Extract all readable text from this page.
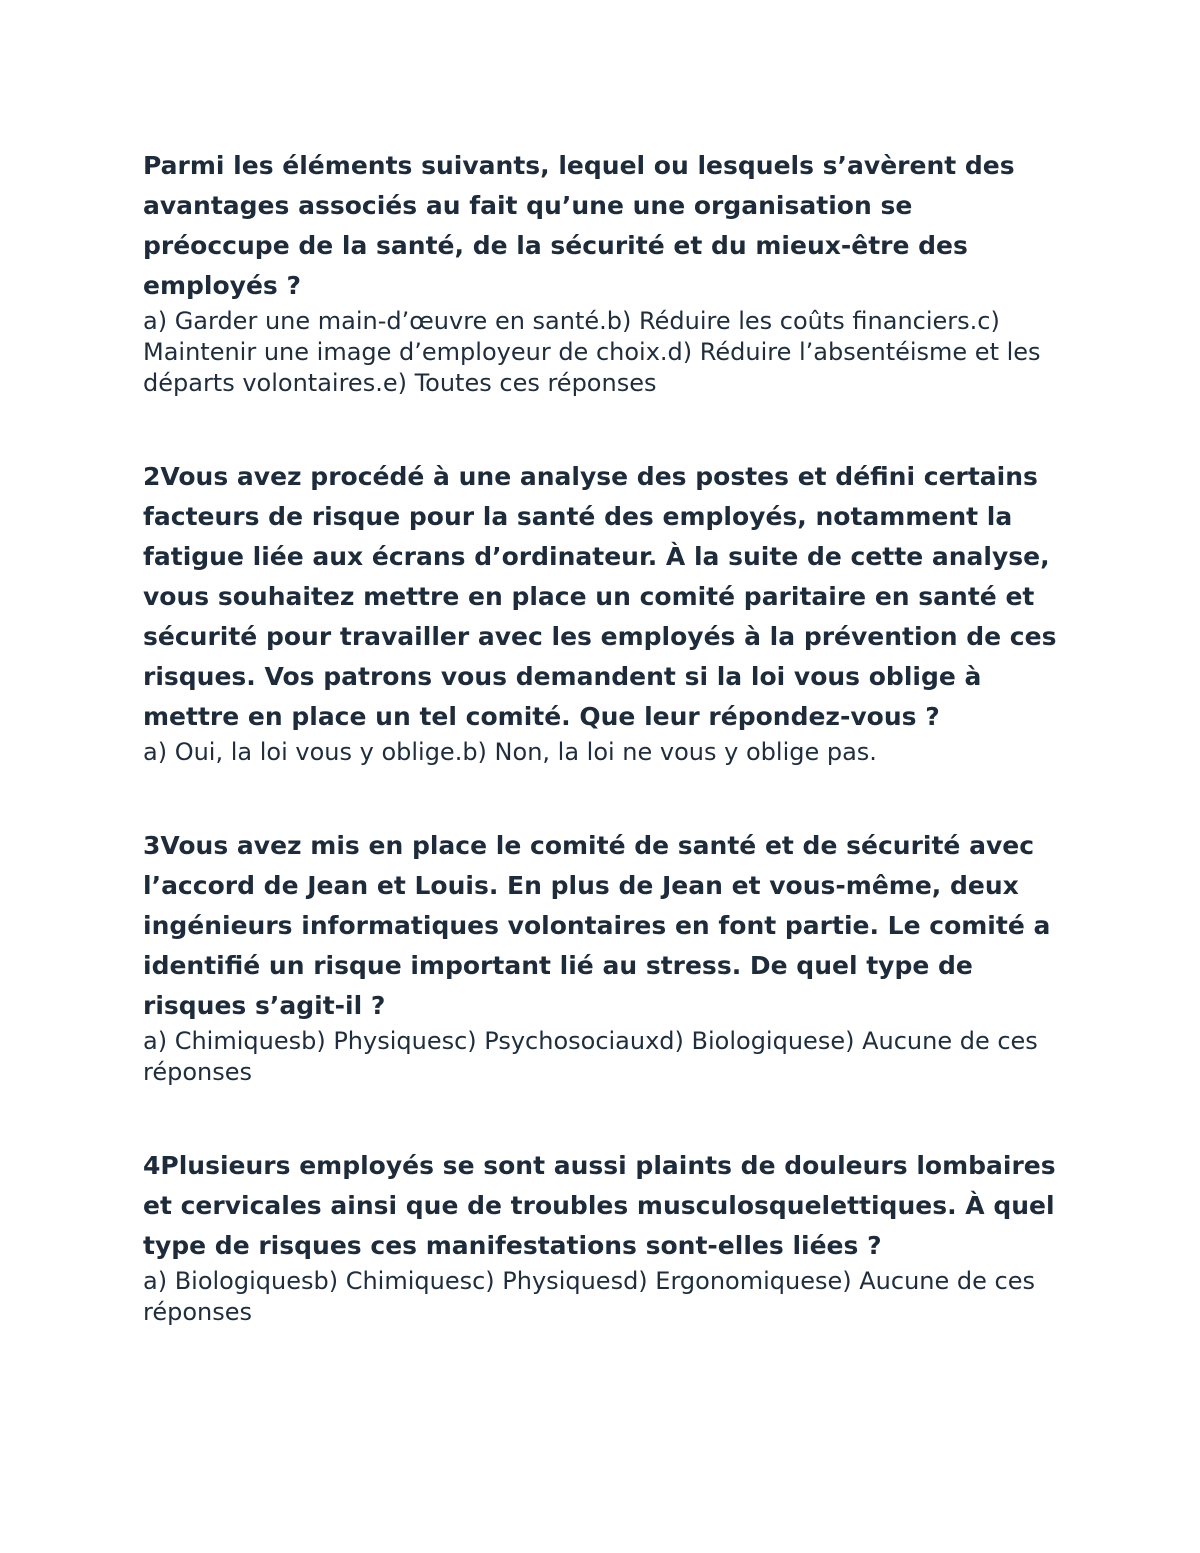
Parmi les éléments suivants, lequel ou lesquels s’avèrent des avantages associés au fait qu’une une organisation se préoccupe de la santé, de la sécurité et du mieux-être des employés ?

a) Garder une main-d’œuvre en santé.b) Réduire les coûts financiers.c) Maintenir une image d’employeur de choix.d) Réduire l’absentéisme et les départs volontaires.e) Toutes ces réponses

2Vous avez procédé à une analyse des postes et défini certains facteurs de risque pour la santé des employés, notamment la fatigue liée aux écrans d’ordinateur. À la suite de cette analyse, vous souhaitez mettre en place un comité paritaire en santé et sécurité pour travailler avec les employés à la prévention de ces risques. Vos patrons vous demandent si la loi vous oblige à mettre en place un tel comité. Que leur répondez-vous ?

a) Oui, la loi vous y oblige.b) Non, la loi ne vous y oblige pas.

3Vous avez mis en place le comité de santé et de sécurité avec l’accord de Jean et Louis. En plus de Jean et vous-même, deux ingénieurs informatiques volontaires en font partie. Le comité a identifié un risque important lié au stress. De quel type de risques s’agit-il ?

a) Chimiquesb) Physiquesc) Psychosociauxd) Biologiquese) Aucune de ces réponses

4Plusieurs employés se sont aussi plaints de douleurs lombaires et cervicales ainsi que de troubles musculosquelettiques. À quel type de risques ces manifestations sont-elles liées ?

a) Biologiquesb) Chimiquesc) Physiquesd) Ergonomiquese) Aucune de ces réponses
